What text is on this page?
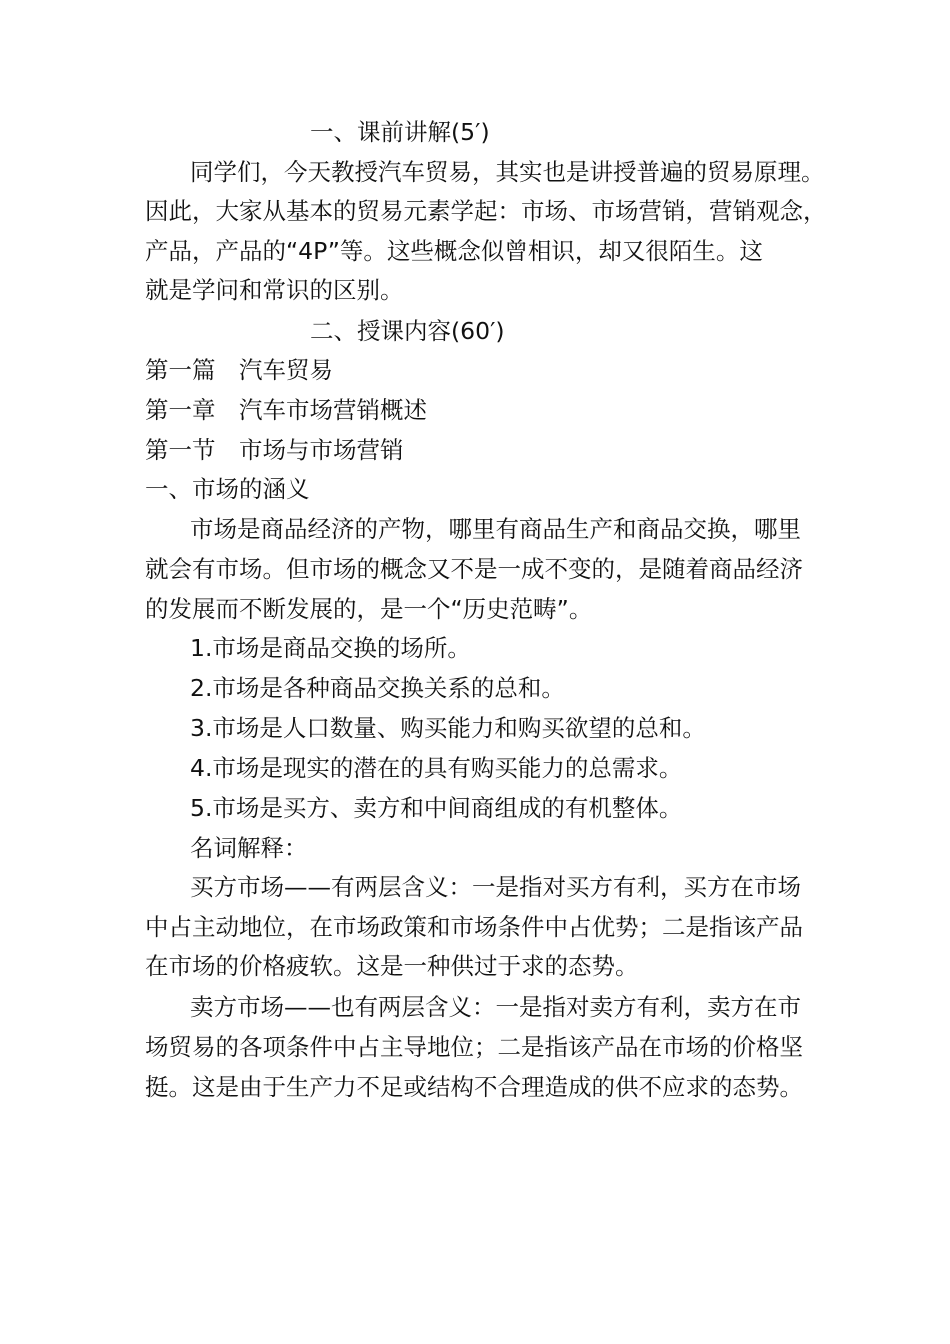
一、课前讲解(5′)
同学们，今天教授汽车贸易，其实也是讲授普遍的贸易原理。
因此，大家从基本的贸易元素学起：市场、市场营销，营销观念，
产品，产品的“4P”等。这些概念似曾相识，却又很陌生。这
就是学问和常识的区别。
二、授课内容(60′)
第一篇　汽车贸易
第一章　汽车市场营销概述
第一节　市场与市场营销
一、市场的涵义
市场是商品经济的产物，哪里有商品生产和商品交换，哪里
就会有市场。但市场的概念又不是一成不变的，是随着商品经济
的发展而不断发展的，是一个“历史范畴”。
1.市场是商品交换的场所。
2.市场是各种商品交换关系的总和。
3.市场是人口数量、购买能力和购买欲望的总和。
4.市场是现实的潜在的具有购买能力的总需求。
5.市场是买方、卖方和中间商组成的有机整体。
名词解释：
买方市场——有两层含义：一是指对买方有利，买方在市场
中占主动地位，在市场政策和市场条件中占优势；二是指该产品
在市场的价格疲软。这是一种供过于求的态势。
卖方市场——也有两层含义：一是指对卖方有利，卖方在市
场贸易的各项条件中占主导地位；二是指该产品在市场的价格坚
挺。这是由于生产力不足或结构不合理造成的供不应求的态势。
